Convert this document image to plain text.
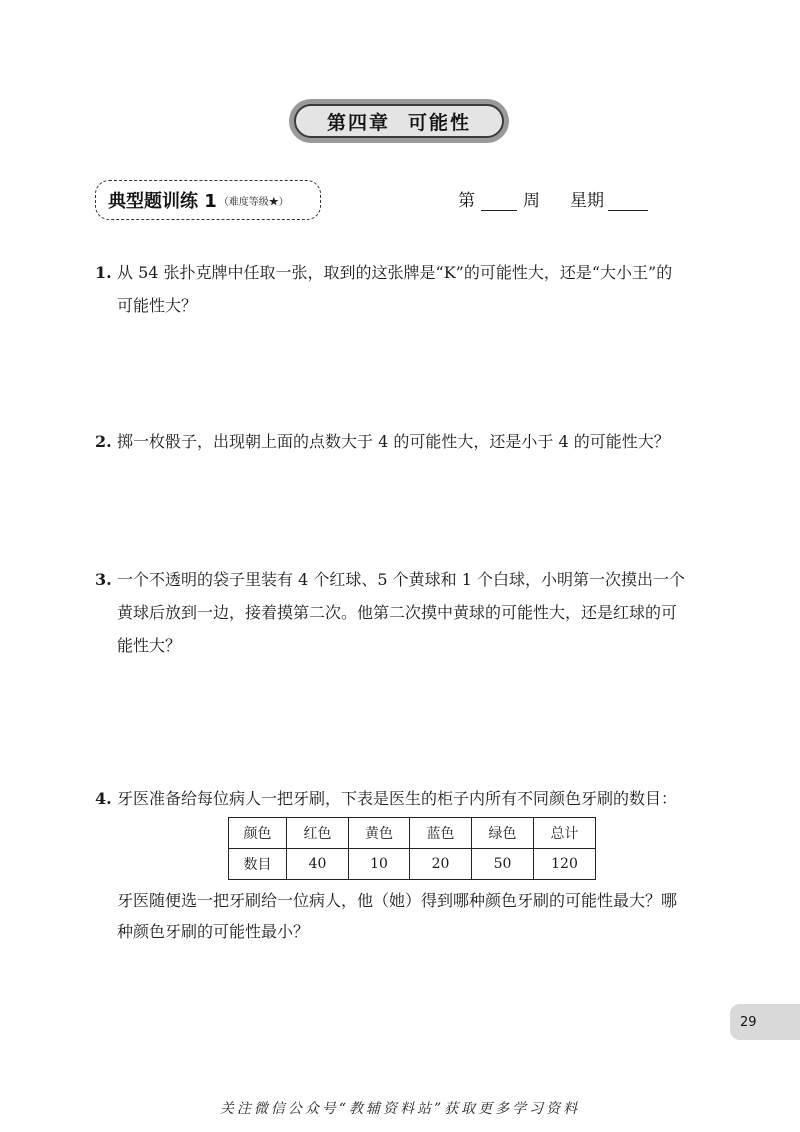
第四章 可能性
典型题训练 1 （难度等级★）	第	周 星期
1. 从 54 张扑克牌中任取一张，取到的这张牌是“K”的可能性大，还是“大小王”的
可能性大？
2. 掷一枚骰子，出现朝上面的点数大于 4 的可能性大，还是小于 4 的可能性大？
3. 一个不透明的袋子里装有 4 个红球、5 个黄球和 1 个白球，小明第一次摸出一个
黄球后放到一边，接着摸第二次。他第二次摸中黄球的可能性大，还是红球的可
能性大？
4. 牙医准备给每位病人一把牙刷，下表是医生的柜子内所有不同颜色牙刷的数目：
颜色	红色	黄色	蓝色	绿色	总计
数目	40	10	20	50	120
牙医随便选一把牙刷给一位病人，他（她）得到哪种颜色牙刷的可能性最大？哪
种颜色牙刷的可能性最小？
29
关注微信公众号“教辅资料站”获取更多学习资料
